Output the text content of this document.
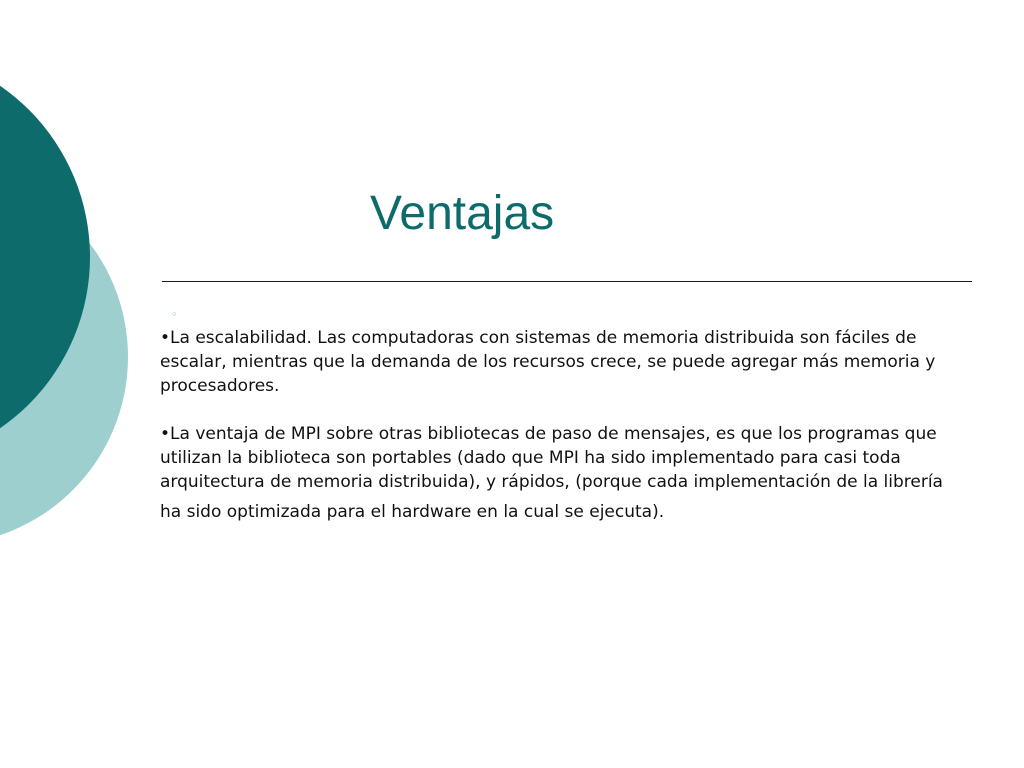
Ventajas
◦

•La escalabilidad. Las computadoras con sistemas de memoria distribuida son fáciles de escalar, mientras que la demanda de los recursos crece, se puede agregar más memoria y procesadores.

•La ventaja de MPI sobre otras bibliotecas de paso de mensajes, es que los programas que utilizan la biblioteca son portables (dado que MPI ha sido implementado para casi toda arquitectura de memoria distribuida), y rápidos, (porque cada implementación de la librería ha sido optimizada para el hardware en la cual se ejecuta).
